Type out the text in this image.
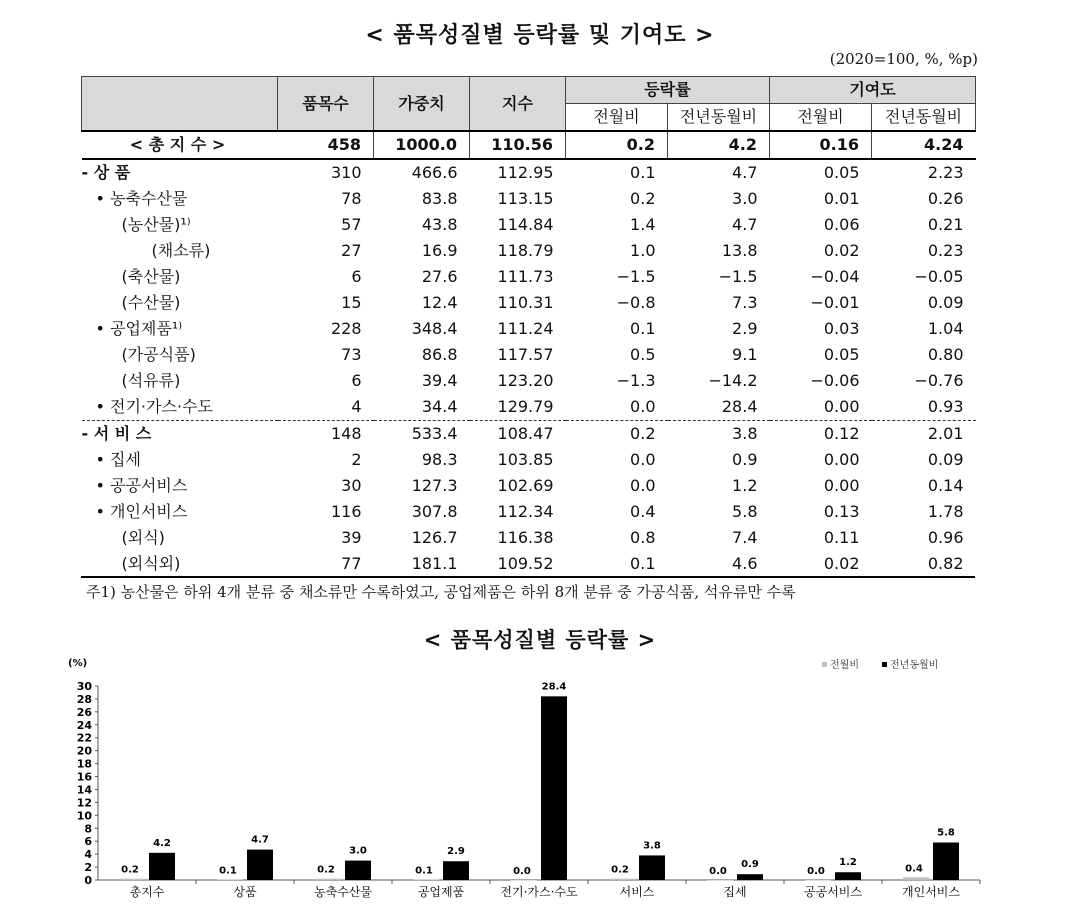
< 품목성질별 등락률 및 기여도 >
(2020=100, %, %p)
	품목수	가중치	지수	등락률		기여도	
				전월비	전년동월비	전월비	전년동월비
< 총 지 수 >	458	1000.0	110.56	0.2	4.2	0.16	4.24
- 상 품	310	466.6	112.95	0.1	4.7	0.05	2.23
• 농축수산물	78	83.8	113.15	0.2	3.0	0.01	0.26
(농산물)¹⁾	57	43.8	114.84	1.4	4.7	0.06	0.21
(채소류)	27	16.9	118.79	1.0	13.8	0.02	0.23
(축산물)	6	27.6	111.73	−1.5	−1.5	−0.04	−0.05
(수산물)	15	12.4	110.31	−0.8	7.3	−0.01	0.09
• 공업제품¹⁾	228	348.4	111.24	0.1	2.9	0.03	1.04
(가공식품)	73	86.8	117.57	0.5	9.1	0.05	0.80
(석유류)	6	39.4	123.20	−1.3	−14.2	−0.06	−0.76
• 전기·가스·수도	4	34.4	129.79	0.0	28.4	0.00	0.93
- 서 비 스	148	533.4	108.47	0.2	3.8	0.12	2.01
• 집세	2	98.3	103.85	0.0	0.9	0.00	0.09
• 공공서비스	30	127.3	102.69	0.0	1.2	0.00	0.14
• 개인서비스	116	307.8	112.34	0.4	5.8	0.13	1.78
(외식)	39	126.7	116.38	0.8	7.4	0.11	0.96
(외식외)	77	181.1	109.52	0.1	4.6	0.02	0.82
주1) 농산물은 하위 4개 분류 중 채소류만 수록하였고, 공업제품은 하위 8개 분류 중 가공식품, 석유류만 수록
< 품목성질별 등락률 >
(%)
0
2
4
6
8
10
12
14
16
18
20
22
24
26
28
30
0.2
4.2
총지수
0.1
4.7
상품
0.2
3.0
농축수산물
0.1
2.9
공업제품
0.0
28.4
전기·가스·수도
0.2
3.8
서비스
0.0
0.9
집세
0.0
1.2
공공서비스
0.4
5.8
개인서비스
전월비	전년동월비
